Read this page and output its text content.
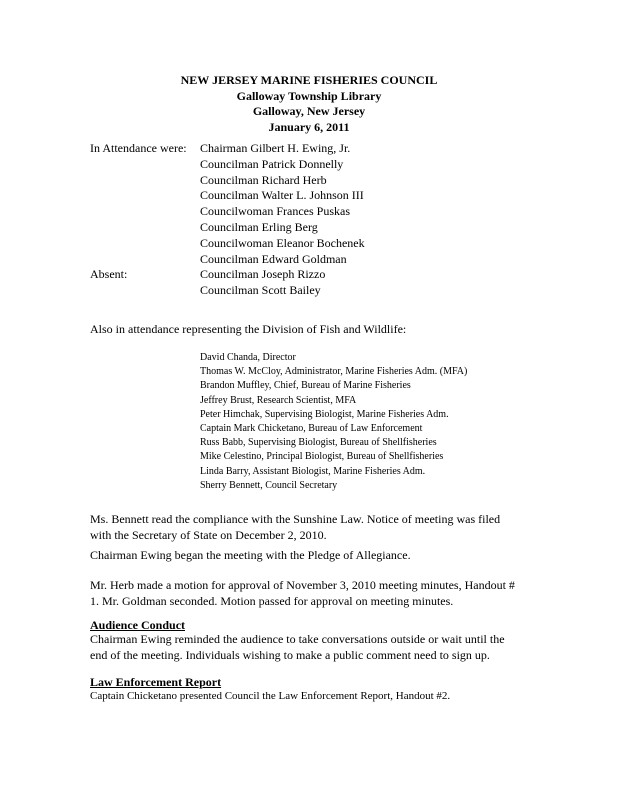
NEW JERSEY MARINE FISHERIES COUNCIL
Galloway Township Library
Galloway, New Jersey
January 6, 2011
In Attendance were: Chairman Gilbert H. Ewing, Jr.
Councilman Patrick Donnelly
Councilman Richard Herb
Councilman Walter L. Johnson III
Councilwoman Frances Puskas
Councilman Erling Berg
Councilwoman Eleanor Bochenek
Councilman Edward Goldman
Absent:	Councilman Joseph Rizzo
Councilman Scott Bailey
Also in attendance representing the Division of Fish and Wildlife:
David Chanda, Director
Thomas W. McCloy, Administrator, Marine Fisheries Adm. (MFA)
Brandon Muffley, Chief, Bureau of Marine Fisheries
Jeffrey Brust, Research Scientist, MFA
Peter Himchak, Supervising Biologist, Marine Fisheries Adm.
Captain Mark Chicketano, Bureau of Law Enforcement
Russ Babb, Supervising Biologist, Bureau of Shellfisheries
Mike Celestino, Principal Biologist, Bureau of Shellfisheries
Linda Barry, Assistant Biologist, Marine Fisheries Adm.
Sherry Bennett, Council Secretary
Ms. Bennett read the compliance with the Sunshine Law. Notice of meeting was filed
with the Secretary of State on December 2, 2010.
Chairman Ewing began the meeting with the Pledge of Allegiance.
Mr. Herb made a motion for approval of November 3, 2010 meeting minutes, Handout #
1. Mr. Goldman seconded. Motion passed for approval on meeting minutes.
Audience Conduct
Chairman Ewing reminded the audience to take conversations outside or wait until the
end of the meeting. Individuals wishing to make a public comment need to sign up.
Law Enforcement Report
Captain Chicketano presented Council the Law Enforcement Report, Handout #2.
